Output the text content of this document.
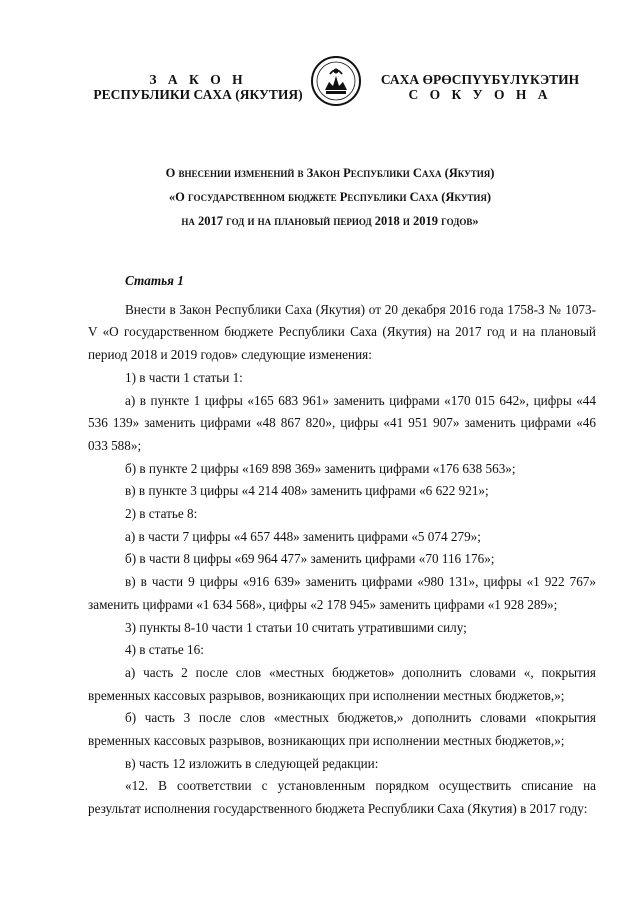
З А К О Н
РЕСПУБЛИКИ САХА (ЯКУТИЯ)
САХА ӨРӨСПҮҮБҮЛҮКЭТИН
С О К У О Н А
О внесении изменений в Закон Республики Саха (Якутия)
«О государственном бюджете Республики Саха (Якутия)
на 2017 год и на плановый период 2018 и 2019 годов»
Статья 1

Внести в Закон Республики Саха (Якутия) от 20 декабря 2016 года 1758-З № 1073-V «О государственном бюджете Республики Саха (Якутия) на 2017 год и на плановый период 2018 и 2019 годов» следующие изменения:

1) в части 1 статьи 1:

а) в пункте 1 цифры «165 683 961» заменить цифрами «170 015 642», цифры «44 536 139» заменить цифрами «48 867 820», цифры «41 951 907» заменить цифрами «46 033 588»;

б) в пункте 2 цифры «169 898 369» заменить цифрами «176 638 563»;

в) в пункте 3 цифры «4 214 408» заменить цифрами «6 622 921»;

2) в статье 8:

а) в части 7 цифры «4 657 448» заменить цифрами «5 074 279»;

б) в части 8 цифры «69 964 477» заменить цифрами «70 116 176»;

в) в части 9 цифры «916 639» заменить цифрами «980 131», цифры «1 922 767» заменить цифрами «1 634 568», цифры «2 178 945» заменить цифрами «1 928 289»;

3) пункты 8-10 части 1 статьи 10 считать утратившими силу;

4) в статье 16:

а) часть 2 после слов «местных бюджетов» дополнить словами «, покрытия временных кассовых разрывов, возникающих при исполнении местных бюджетов,»;

б) часть 3 после слов «местных бюджетов,» дополнить словами «покрытия временных кассовых разрывов, возникающих при исполнении местных бюджетов,»;

в) часть 12 изложить в следующей редакции:

«12. В соответствии с установленным порядком осуществить списание на результат исполнения государственного бюджета Республики Саха (Якутия) в 2017 году:
